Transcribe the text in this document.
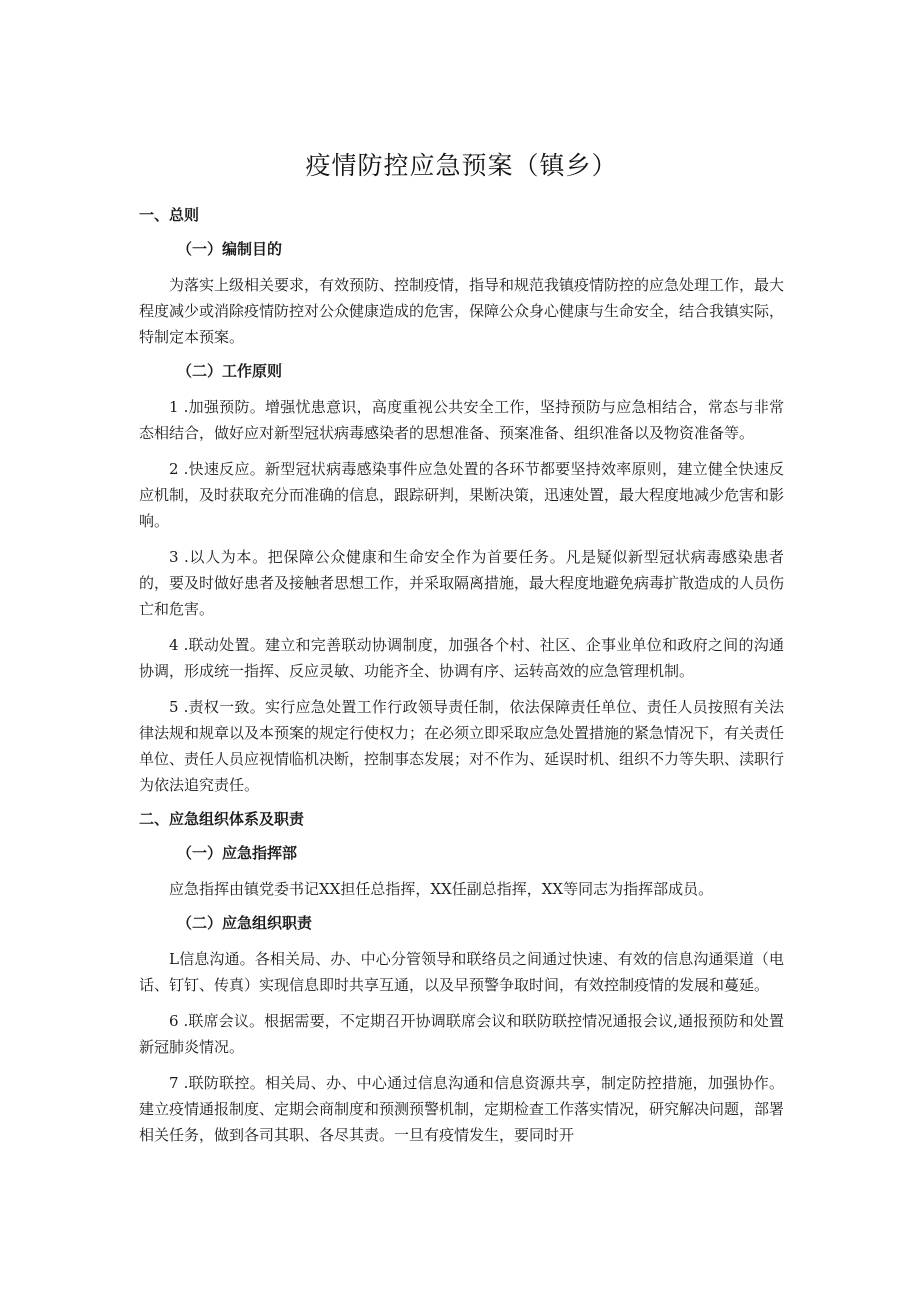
疫情防控应急预案（镇乡）
一、总则
（一）编制目的

为落实上级相关要求，有效预防、控制疫情，指导和规范我镇疫情防控的应急处理工作，最大程度减少或消除疫情防控对公众健康造成的危害，保障公众身心健康与生命安全，结合我镇实际，特制定本预案。

（二）工作原则

1 .加强预防。增强忧患意识，高度重视公共安全工作，坚持预防与应急相结合，常态与非常态相结合，做好应对新型冠状病毒感染者的思想准备、预案准备、组织准备以及物资准备等。

2 .快速反应。新型冠状病毒感染事件应急处置的各环节都要坚持效率原则，建立健全快速反应机制，及时获取充分而准确的信息，跟踪研判，果断决策，迅速处置，最大程度地减少危害和影响。

3 .以人为本。把保障公众健康和生命安全作为首要任务。凡是疑似新型冠状病毒感染患者的，要及时做好患者及接触者思想工作，并采取隔离措施，最大程度地避免病毒扩散造成的人员伤亡和危害。

4 .联动处置。建立和完善联动协调制度，加强各个村、社区、企事业单位和政府之间的沟通协调，形成统一指挥、反应灵敏、功能齐全、协调有序、运转高效的应急管理机制。

5 .责权一致。实行应急处置工作行政领导责任制，依法保障责任单位、责任人员按照有关法律法规和规章以及本预案的规定行使权力；在必须立即采取应急处置措施的紧急情况下，有关责任单位、责任人员应视情临机决断，控制事态发展；对不作为、延误时机、组织不力等失职、渎职行为依法追究责任。

二、应急组织体系及职责
（一）应急指挥部

应急指挥由镇党委书记XX担任总指挥，XX任副总指挥，XX等同志为指挥部成员。

（二）应急组织职责

L信息沟通。各相关局、办、中心分管领导和联络员之间通过快速、有效的信息沟通渠道（电话、钉钉、传真）实现信息即时共享互通，以及早预警争取时间，有效控制疫情的发展和蔓延。

6 .联席会议。根据需要，不定期召开协调联席会议和联防联控情况通报会议,通报预防和处置新冠肺炎情况。

7 .联防联控。相关局、办、中心通过信息沟通和信息资源共享，制定防控措施，加强协作。建立疫情通报制度、定期会商制度和预测预警机制，定期检查工作落实情况，研究解决问题，部署相关任务，做到各司其职、各尽其责。一旦有疫情发生，要同时开
